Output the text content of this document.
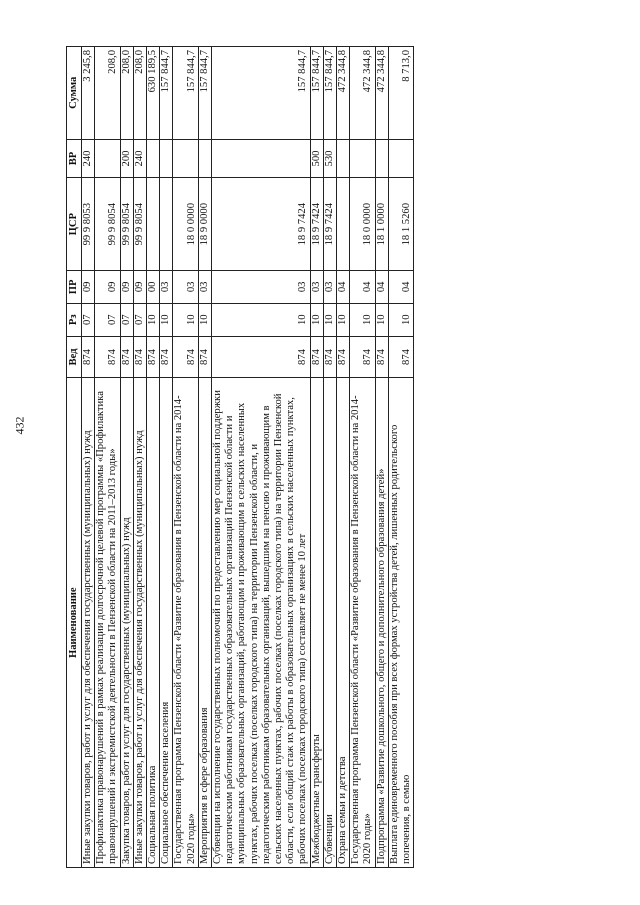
432
Наименование	Вед	Рз	ПР	ЦСР	ВР	Сумма
Иные закупки товаров, работ и услуг для обеспечения государственных (муниципальных) нужд	874	07	09	99 9 8053	240	3 245,8
Профилактика правонарушений в рамках реализации долгосрочной целевой программы «Профилактика правонарушений и экстремистской деятельности в Пензенской области на 2011–2013 годы»	874	07	09	99 9 8054		208,0
Закупка товаров, работ и услуг для государственных (муниципальных) нужд	874	07	09	99 9 8054	200	208,0
Иные закупки товаров, работ и услуг для обеспечения государственных (муниципальных) нужд	874	07	09	99 9 8054	240	208,0
Социальная политика	874	10	00			630 189,5
Социальное обеспечение населения	874	10	03			157 844,7
Государственная программа Пензенской области «Развитие образования в Пензенской области на 2014-2020 годы»	874	10	03	18 0 0000		157 844,7
Мероприятия в сфере образования	874	10	03	18 9 0000		157 844,7
Субвенции на исполнение государственных полномочий по предоставлению мер социальной поддержки педагогическим работникам государственных образовательных организаций Пензенской области и муниципальных образовательных организаций, работающим и проживающим в сельских населенных пунктах, рабочих поселках (поселках городского типа) на территории Пензенской области, и педагогическим работникам образовательных организаций, вышедшим на пенсию и проживающим в сельских населенных пунктах, рабочих поселках (поселках городского типа) на территории Пензенской области, если общий стаж их работы в образовательных организациях в сельских населенных пунктах, рабочих поселках (поселках городского типа) составляет не менее 10 лет	874	10	03	18 9 7424		157 844,7
Межбюджетные трансферты	874	10	03	18 9 7424	500	157 844,7
Субвенции	874	10	03	18 9 7424	530	157 844,7
Охрана семьи и детства	874	10	04			472 344,8
Государственная программа Пензенской области «Развитие образования в Пензенской области на 2014-2020 годы»	874	10	04	18 0 0000		472 344,8
Подпрограмма «Развитие дошкольного, общего и дополнительного образования детей»	874	10	04	18 1 0000		472 344,8
Выплата единовременного пособия при всех формах устройства детей, лишенных родительского попечения, в семью	874	10	04	18 1 5260		8 713,0
